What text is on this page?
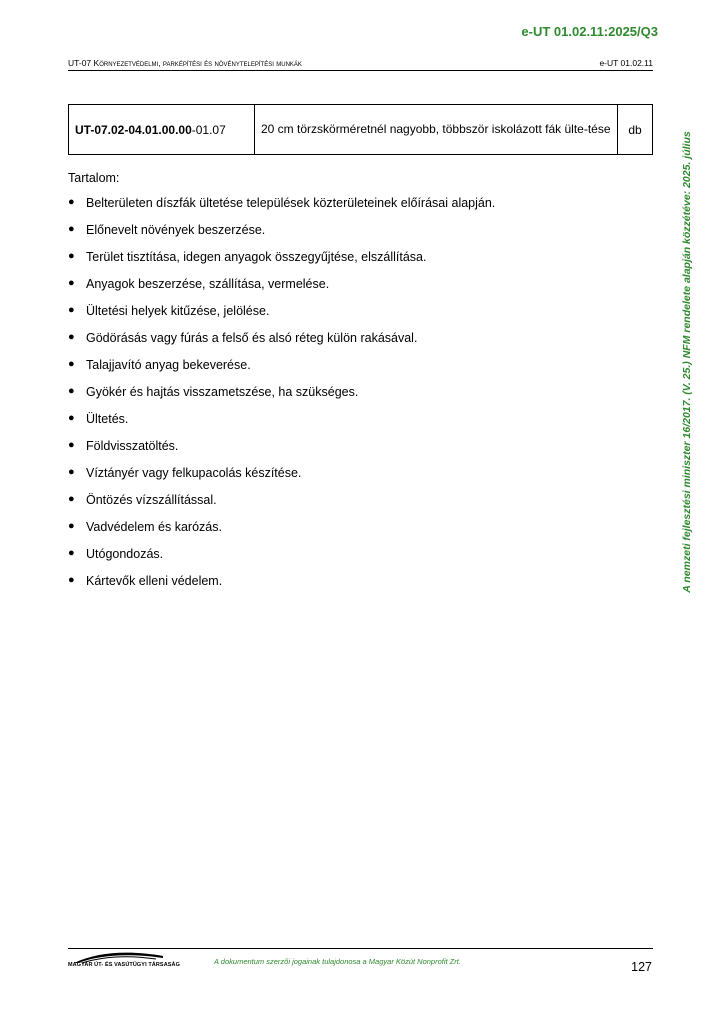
e-UT 01.02.11:2025/Q3
UT-07 Környezetvédelmi, parképítési és növénytelepítési munkák	e-UT 01.02.11
UT-07.02-04.01.00.00-01.07	20 cm törzskörméretnél nagyobb, többször iskolázott fák ülte-tése	db
Tartalom:
● Belterületen díszfák ültetése települések közterületeinek előírásai alapján.
● Előnevelt növények beszerzése.
● Terület tisztítása, idegen anyagok összegyűjtése, elszállítása.
● Anyagok beszerzése, szállítása, vermelése.
● Ültetési helyek kitűzése, jelölése.
● Gödörásás vagy fúrás a felső és alsó réteg külön rakásával.
● Talajjavító anyag bekeverése.
● Gyökér és hajtás visszametszése, ha szükséges.
● Ültetés.
● Földvisszatöltés.
● Víztányér vagy felkupacolás készítése.
● Öntözés vízszállítással.
● Vadvédelem és karózás.
● Utógondozás.
● Kártevők elleni védelem.	A nemzeti fejlesztési miniszter 16/2017. (V. 25.) NFM rendelete alapján közzétéve: 2025. július
MAGYAR ÚT- ÉS VASÚTÜGYI TÁRSASÁG	A dokumentum szerzői jogainak tulajdonosa a Magyar Közút Nonprofit Zrt.	127
